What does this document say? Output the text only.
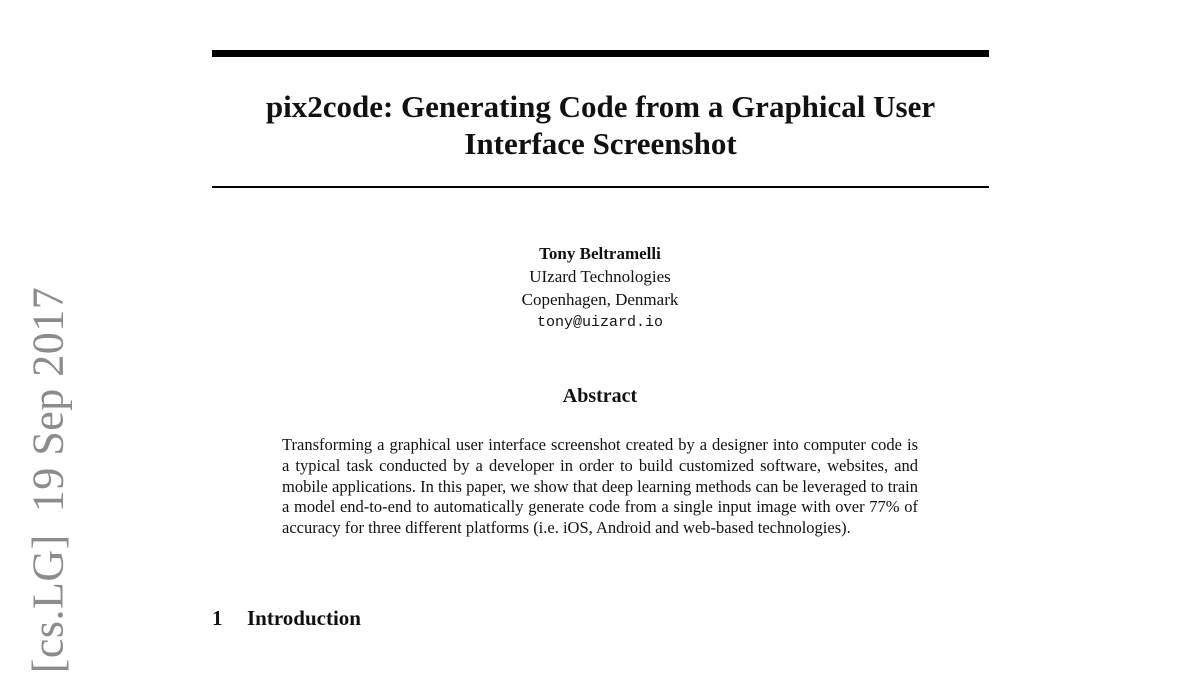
pix2code: Generating Code from a Graphical User Interface Screenshot
Tony Beltramelli
UIzard Technologies
Copenhagen, Denmark
tony@uizard.io
Abstract

Transforming a graphical user interface screenshot created by a designer into computer code is a typical task conducted by a developer in order to build customized software, websites, and mobile applications. In this paper, we show that deep learning methods can be leveraged to train a model end-to-end to automatically generate code from a single input image with over 77% of accuracy for three different platforms (i.e. iOS, Android and web-based technologies).

1 Introduction
[cs.LG]19 Sep 2017
